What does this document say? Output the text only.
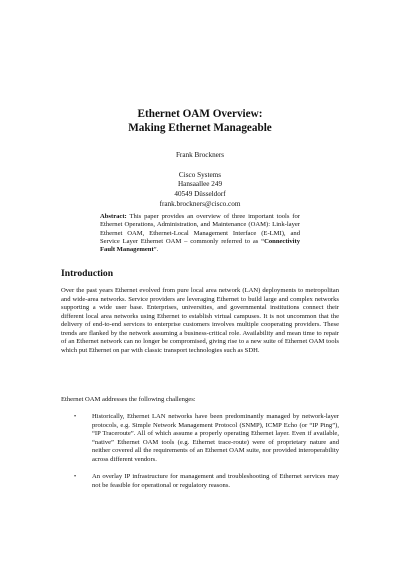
Ethernet OAM Overview:
Making Ethernet Manageable
Frank Brockners
Cisco Systems
Hansaallee 249
40549 Düsseldorf
frank.brockners@cisco.com
Abstract: This paper provides an overview of three important tools for Ethernet Operations, Administration, and Maintenance (OAM): Link-layer Ethernet OAM, Ethernet-Local Management Interface (E-LMI), and Service Layer Ethernet OAM – commonly referred to as “Connectivity Fault Management”.
Introduction
Over the past years Ethernet evolved from pure local area network (LAN) deployments to metropolitan and wide-area networks. Service providers are leveraging Ethernet to build large and complex networks supporting a wide user base. Enterprises, universities, and governmental institutions connect their different local area networks using Ethernet to establish virtual campuses. It is not uncommon that the delivery of end-to-end services to enterprise customers involves multiple cooperating providers. These trends are flanked by the network assuming a business-critical role. Availability and mean time to repair of an Ethernet network can no longer be compromised, giving rise to a new suite of Ethernet OAM tools which put Ethernet on par with classic transport technologies such as SDH.
Ethernet OAM addresses the following challenges:
• Historically, Ethernet LAN networks have been predominantly managed by network-layer protocols, e.g. Simple Network Management Protocol (SNMP), ICMP Echo (or “IP Ping”), “IP Traceroute”. All of which assume a properly operating Ethernet layer. Even if available, “native” Ethernet OAM tools (e.g. Ethernet trace-route) were of proprietary nature and neither covered all the requirements of an Ethernet OAM suite, nor provided interoperability across different vendors.
• An overlay IP infrastructure for management and troubleshooting of Ethernet services may not be feasible for operational or regulatory reasons.
